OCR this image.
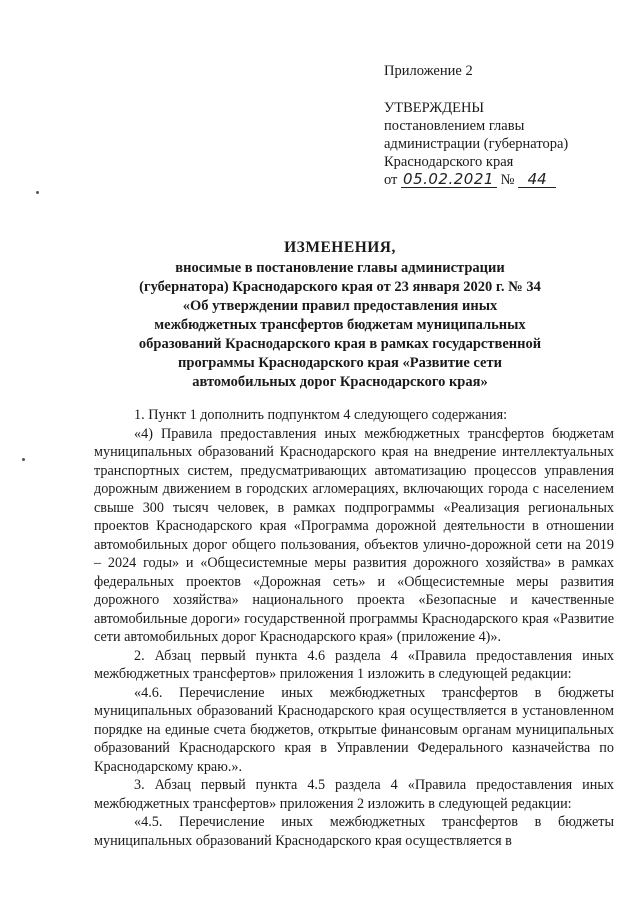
Приложение 2
УТВЕРЖДЕНЫ
постановлением главы
администрации (губернатора)
Краснодарского края
от 05.02.2021 № 44
ИЗМЕНЕНИЯ,
вносимые в постановление главы администрации
(губернатора) Краснодарского края от 23 января 2020 г. № 34
«Об утверждении правил предоставления иных
межбюджетных трансфертов бюджетам муниципальных
образований Краснодарского края в рамках государственной
программы Краснодарского края «Развитие сети
автомобильных дорог Краснодарского края»

1. Пункт 1 дополнить подпунктом 4 следующего содержания:

«4) Правила предоставления иных межбюджетных трансфертов бюджетам муниципальных образований Краснодарского края на внедрение интеллектуальных транспортных систем, предусматривающих автоматизацию процессов управления дорожным движением в городских агломерациях, включающих города с населением свыше 300 тысяч человек, в рамках подпрограммы «Реализация региональных проектов Краснодарского края «Программа дорожной деятельности в отношении автомобильных дорог общего пользования, объектов улично-дорожной сети на 2019 – 2024 годы» и «Общесистемные меры развития дорожного хозяйства» в рамках федеральных проектов «Дорожная сеть» и «Общесистемные меры развития дорожного хозяйства» национального проекта «Безопасные и качественные автомобильные дороги» государственной программы Краснодарского края «Развитие сети автомобильных дорог Краснодарского края» (приложение 4)».

2. Абзац первый пункта 4.6 раздела 4 «Правила предоставления иных межбюджетных трансфертов» приложения 1 изложить в следующей редакции:

«4.6. Перечисление иных межбюджетных трансфертов в бюджеты муниципальных образований Краснодарского края осуществляется в установленном порядке на единые счета бюджетов, открытые финансовым органам муниципальных образований Краснодарского края в Управлении Федерального казначейства по Краснодарскому краю.».

3. Абзац первый пункта 4.5 раздела 4 «Правила предоставления иных межбюджетных трансфертов» приложения 2 изложить в следующей редакции:

«4.5. Перечисление иных межбюджетных трансфертов в бюджеты муниципальных образований Краснодарского края осуществляется в
